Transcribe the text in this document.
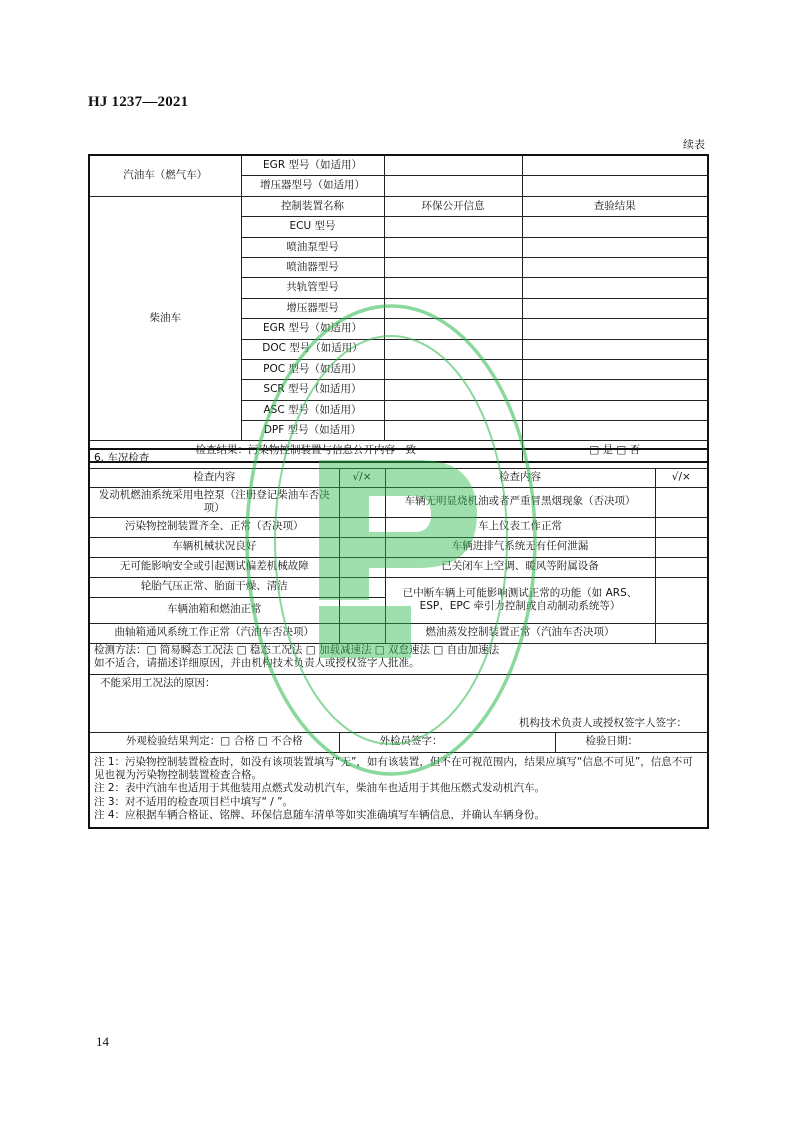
HJ 1237—2021
续表
汽油车（燃气车）	EGR 型号（如适用）		
	增压器型号（如适用）		
柴油车	控制装置名称	环保公开信息	查验结果
	ECU 型号		
	喷油泵型号		
	喷油器型号		
	共轨管型号		
	增压器型号		
	EGR 型号（如适用）		
	DOC 型号（如适用）		
	POC 型号（如适用）		
	SCR 型号（如适用）		
	ASC 型号（如适用）		
	DPF 型号（如适用）		
检查结果：污染物控制装置与信息公开内容一致			□ 是 □ 否
6. 车况检查				
检查内容	√/×	检查内容		√/×
发动机燃油系统采用电控泵（注册登记柴油车否决项）		车辆无明显烧机油或者严重冒黑烟现象（否决项）		
污染物控制装置齐全、正常（否决项）		车上仪表工作正常		
车辆机械状况良好		车辆进排气系统无有任何泄漏		
无可能影响安全或引起测试偏差机械故障		已关闭车上空调、暖风等附属设备		
轮胎气压正常、胎面干燥、清洁		已中断车辆上可能影响测试正常的功能（如 ARS、ESP、EPC 牵引力控制或自动制动系统等）		
车辆油箱和燃油正常				
曲轴箱通风系统工作正常（汽油车否决项）		燃油蒸发控制装置正常（汽油车否决项）		

检测方法：□ 简易瞬态工况法 □ 稳态工况法 □ 加载减速法 □ 双怠速法 □ 自由加速法
如不适合，请描述详细原因，并由机构技术负责人或授权签字人批准。				

不能采用工况法的原因：
机构技术负责人或授权签字人签字：				

外观检验结果判定：□ 合格 □ 不合格	外检员签字：		检验日期：	

注 1：污染物控制装置检查时，如没有该项装置填写“无”，如有该装置，但不在可视范围内，结果应填写“信息不可见”，信息不可见也视为污染物控制装置检查合格。
注 2：表中汽油车也适用于其他装用点燃式发动机汽车，柴油车也适用于其他压燃式发动机汽车。
注 3：对不适用的检查项目栏中填写“ / ”。
注 4：应根据车辆合格证、铭牌、环保信息随车清单等如实准确填写车辆信息，并确认车辆身份。				
14
